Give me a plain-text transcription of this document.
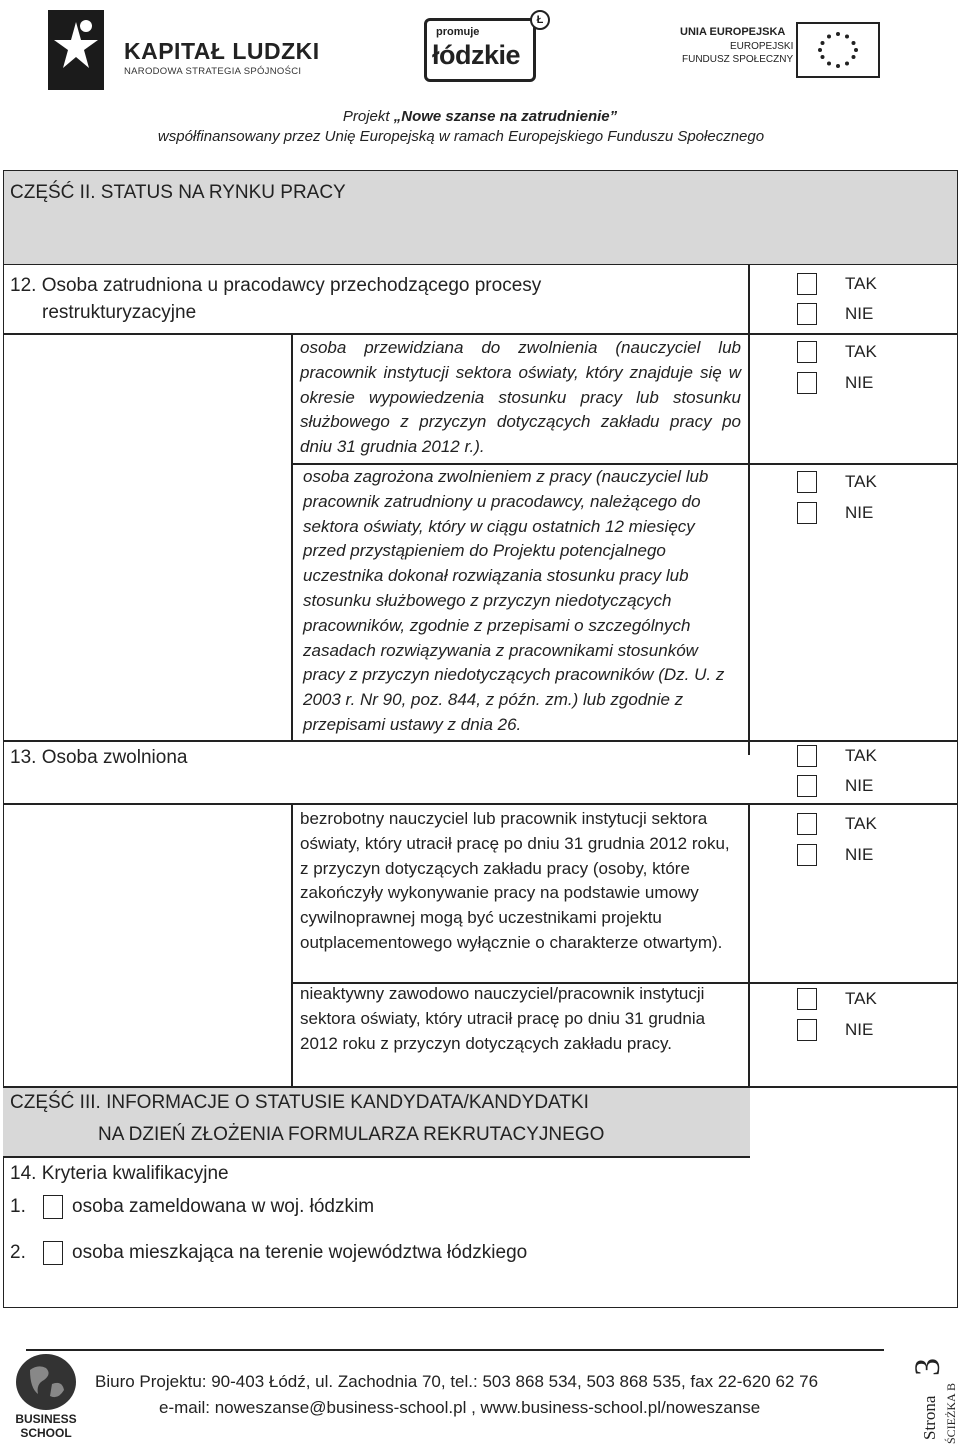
KAPITAŁ LUDZKI
NARODOWA STRATEGIA SPÓJNOŚCI
promuje
łódzkie
Ł
UNIA EUROPEJSKA
EUROPEJSKI
FUNDUSZ SPOŁECZNY
Projekt „Nowe szanse na zatrudnienie”
współfinansowany przez Unię Europejską w ramach Europejskiego Funduszu Społecznego
CZĘŚĆ II. STATUS NA RYNKU PRACY
12. Osoba zatrudniona u pracodawcy przechodzącego procesy
restrukturyzacyjne
TAK
NIE
osoba przewidziana do zwolnienia (nauczyciel lub pracownik instytucji sektora oświaty, który znajduje się w okresie wypowiedzenia stosunku pracy lub stosunku służbowego z przyczyn dotyczących zakładu pracy po dniu 31 grudnia 2012 r.).
TAK
NIE
osoba zagrożona zwolnieniem z pracy (nauczyciel lub pracownik zatrudniony u pracodawcy, należącego do sektora oświaty, który w ciągu ostatnich 12 miesięcy przed przystąpieniem do Projektu potencjalnego uczestnika dokonał rozwiązania stosunku pracy lub stosunku służbowego z przyczyn niedotyczących pracowników, zgodnie z przepisami o szczególnych zasadach rozwiązywania z pracownikami stosunków pracy z przyczyn niedotyczących pracowników (Dz. U. z 2003 r. Nr 90, poz. 844, z późn. zm.) lub zgodnie z przepisami ustawy z dnia 26.
TAK
NIE
13. Osoba zwolniona	TAK
NIE
bezrobotny nauczyciel lub pracownik instytucji sektora oświaty, który utracił pracę po dniu 31 grudnia 2012 roku, z przyczyn dotyczących zakładu pracy (osoby, które zakończyły wykonywanie pracy na podstawie umowy cywilnoprawnej mogą być uczestnikami projektu outplacementowego wyłącznie o charakterze otwartym).
TAK
NIE
nieaktywny zawodowo nauczyciel/pracownik instytucji sektora oświaty, który utracił pracę po dniu 31 grudnia 2012 roku z przyczyn dotyczących zakładu pracy.
TAK
NIE
CZĘŚĆ III. INFORMACJE O STATUSIE KANDYDATA/KANDYDATKI
NA DZIEŃ ZŁOŻENIA FORMULARZA REKRUTACYJNEGO
14. Kryteria kwalifikacyjne
1. osoba zameldowana w woj. łódzkim
2. osoba mieszkająca na terenie województwa łódzkiego
BUSINESS
SCHOOL
Biuro Projektu: 90-403 Łódź, ul. Zachodnia 70, tel.: 503 868 534, 503 868 535, fax 22-620 62 76
e-mail: noweszanse@business-school.pl , www.business-school.pl/noweszanse
3
Strona ŚCIEŻKA B
